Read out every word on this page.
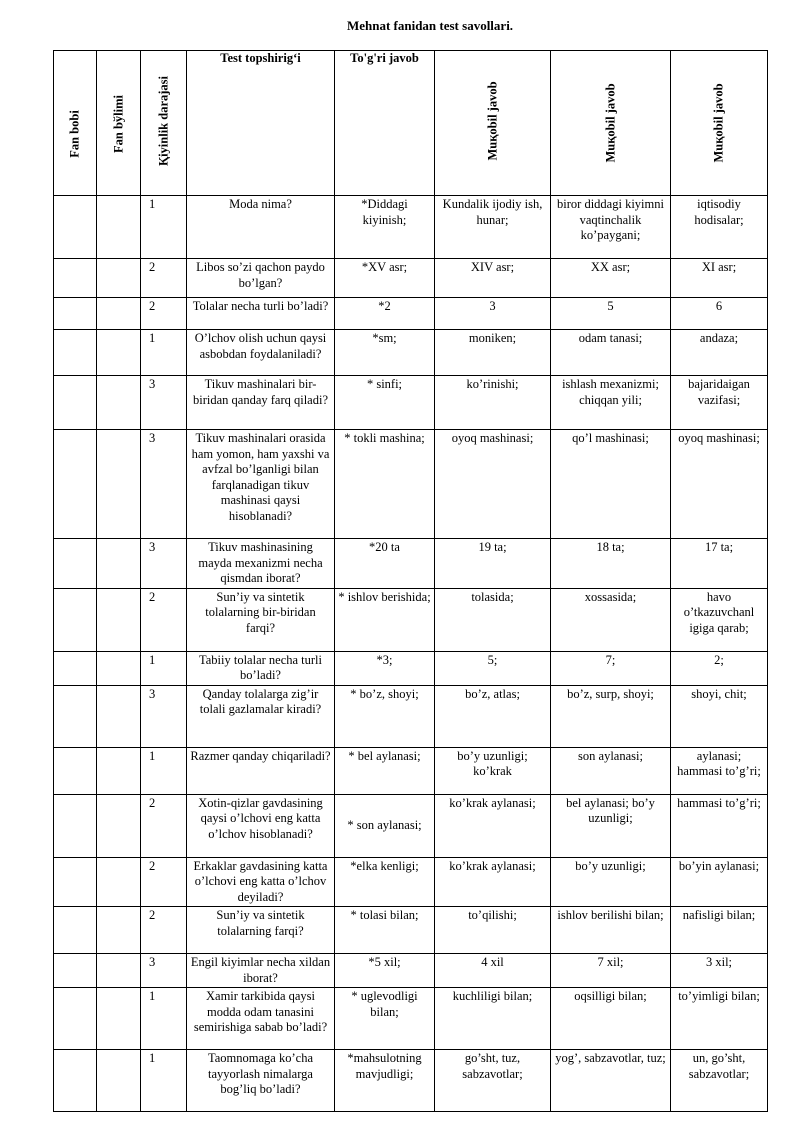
Mehnat fanidan test savollari.
Fan bobi	Fan bўlimi	Қiyinlik darajasi	Test topshirig‘i	To'g'ri javob	Muқobil javob	Muқobil javob	Muқobil javob

		1	Moda nima?	*Diddagi kiyinish;	Kundalik ijodiy ish, hunar;	biror diddagi kiyimni vaqtinchalik ko’paygani;	iqtisodiy hodisalar;
		2	Libos so’zi qachon paydo bo’lgan?	*XV asr;	XIV asr;	XX asr;	XI asr;
		2	Tolalar necha turli bo’ladi?	*2	3	5	6
		1	O’lchov olish uchun qaysi asbobdan foydalaniladi?	*sm;	moniken;	odam tanasi;	andaza;
		3	Tikuv mashinalari bir-biridan qanday farq qiladi?	* sinfi;	ko’rinishi;	ishlash mexanizmi; chiqqan yili;	bajaridaigan vazifasi;
		3	Tikuv mashinalari orasida ham yomon, ham yaxshi va avfzal bo’lganligi bilan farqlanadigan tikuv mashinasi qaysi hisoblanadi?	* tokli mashina;	oyoq mashinasi;	qo’l mashinasi;	oyoq mashinasi;
		3	Tikuv mashinasining mayda mexanizmi necha qismdan iborat?	*20 ta	19 ta;	18 ta;	17 ta;
		2	Sun’iy va sintetik tolalarning bir-biridan farqi?	* ishlov berishida;	tolasida;	xossasida;	havo o’tkazuvchanl igiga qarab;
		1	Tabiiy tolalar necha turli bo’ladi?	*3;	5;	7;	2;
		3	Qanday tolalarga zig’ir tolali gazlamalar kiradi?	* bo’z, shoyi;	bo’z, atlas;	bo’z, surp, shoyi;	shoyi, chit;
		1	Razmer qanday chiqariladi?	* bel aylanasi;	bo’y uzunligi; ko’krak	son aylanasi;	aylanasi; hammasi to’g’ri;
		2	Xotin-qizlar gavdasining qaysi o’lchovi eng katta o’lchov hisoblanadi?	* son aylanasi;	ko’krak aylanasi;	bel aylanasi; bo’y uzunligi;	hammasi to’g’ri;
		2	Erkaklar gavdasining katta o’lchovi eng katta o’lchov deyiladi?	*elka kenligi;	ko’krak aylanasi;	bo’y uzunligi;	bo’yin aylanasi;
		2	Sun’iy va sintetik tolalarning farqi?	* tolasi bilan;	to’qilishi;	ishlov berilishi bilan;	nafisligi bilan;
		3	Engil kiyimlar necha xildan iborat?	*5 xil;	4 xil	7 xil;	3 xil;
		1	Xamir tarkibida qaysi modda odam tanasini semirishiga sabab bo’ladi?	* uglevodligi bilan;	kuchliligi bilan;	oqsilligi bilan;	to’yimligi bilan;
		1	Taomnomaga ko’cha tayyorlash nimalarga bog’liq bo’ladi?	*mahsulotning mavjudligi;	go’sht, tuz, sabzavotlar;	yog’, sabzavotlar, tuz;	un, go’sht, sabzavotlar;
